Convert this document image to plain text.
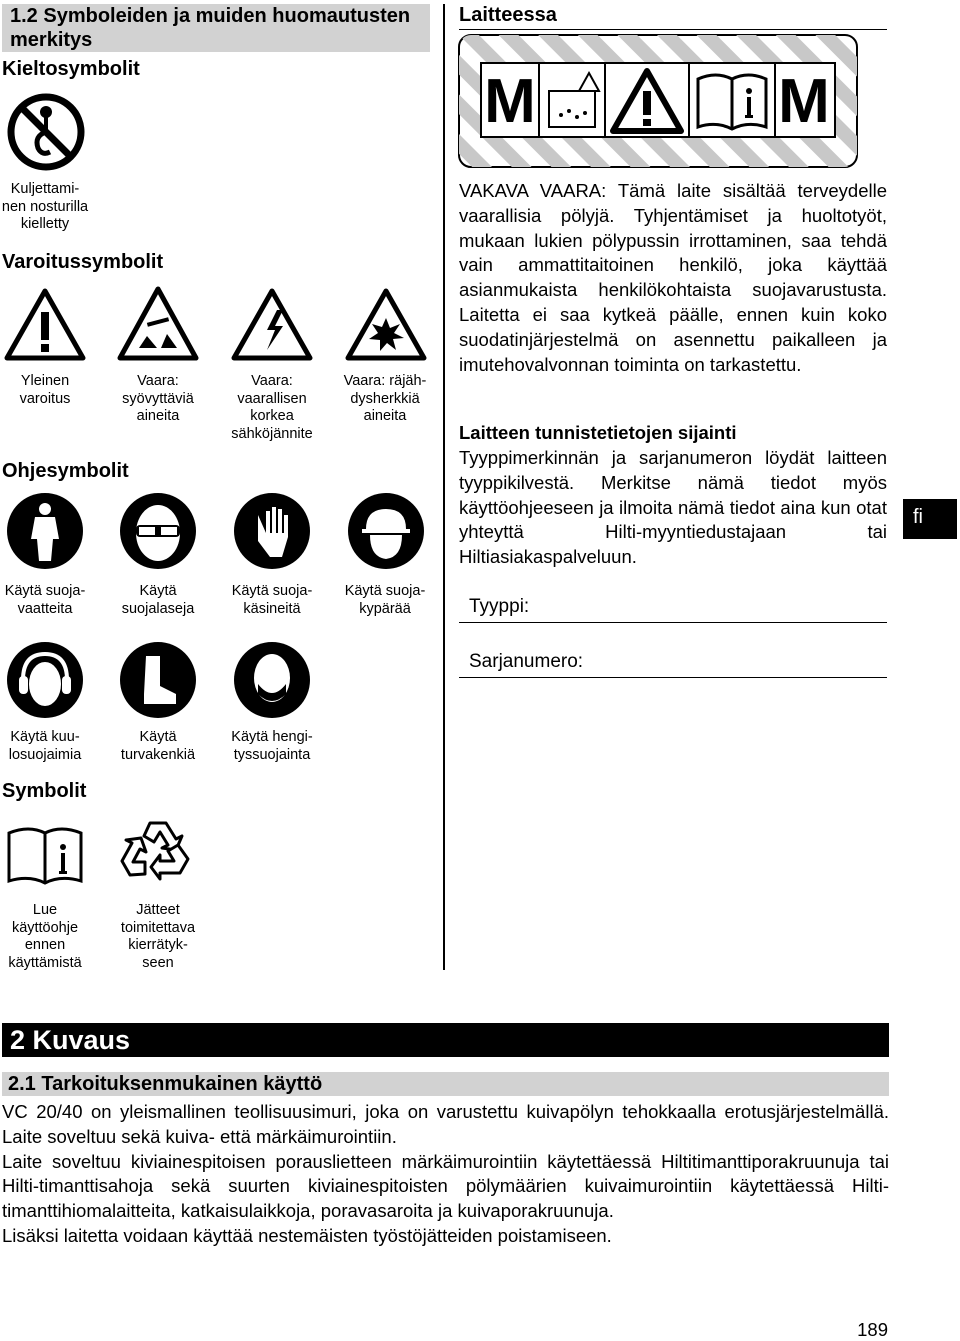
1.2 Symboleiden ja muiden huomautusten merkitys
Kieltosymbolit
Kuljettami-
nen nosturilla
kielletty
Varoitussymbolit
Yleinen
varoitus
Vaara:
syövyttäviä
aineita
Vaara:
vaarallisen
korkea
sähköjännite
Vaara: räjäh-
dysherkkiä
aineita
Ohjesymbolit
Käytä suoja-
vaatteita
Käytä
suojalaseja
Käytä suoja-
käsineitä
Käytä suoja-
kypärää
Käytä kuu-
losuojaimia
Käytä
turvakenkiä
Käytä hengi-
tyssuojainta
Symbolit
Lue
käyttöohje
ennen
käyttämistä
Jätteet
toimitettava
kierrätyk-
seen
Laitteessa
M	M
VAKAVA VAARA: Tämä laite sisältää terveydelle vaarallisia pölyjä. Tyhjentämiset ja huoltotyöt, mukaan lukien pölypussin irrottaminen, saa tehdä vain ammattitaitoinen henkilö, joka käyttää asianmukaista henkilökohtaista suojavarustusta. Laitetta ei saa kytkeä päälle, ennen kuin koko suodatinjärjestelmä on asennettu paikalleen ja imutehovalvonnan toiminta on tarkastettu.
Laitteen tunnistetietojen sijainti
Tyyppimerkinnän ja sarjanumeron löydät laitteen tyyppikilvestä. Merkitse nämä tiedot myös käyttöohjeeseen ja ilmoita nämä tiedot aina kun otat yhteyttä Hilti-myyntiedustajaan tai Hiltiasiakaspalveluun.
fi
Tyyppi:
Sarjanumero:
2 Kuvaus
2.1 Tarkoituksenmukainen käyttö
VC 20/40 on yleismallinen teollisuusimuri, joka on varustettu kuivapölyn tehokkaalla erotusjärjestelmällä. Laite soveltuu sekä kuiva- että märkäimurointiin.
Laite soveltuu kiviainespitoisen porauslietteen märkäimurointiin käytettäessä Hiltitimanttiporakruunuja tai Hilti-timanttisahoja sekä suurten kiviainespitoisten pölymäärien kuivaimurointiin käytettäessä Hilti-timanttihiomalaitteita, katkaisulaikkoja, poravasaroita ja kuivaporakruunuja.
Lisäksi laitetta voidaan käyttää nestemäisten työstöjätteiden poistamiseen.
189
